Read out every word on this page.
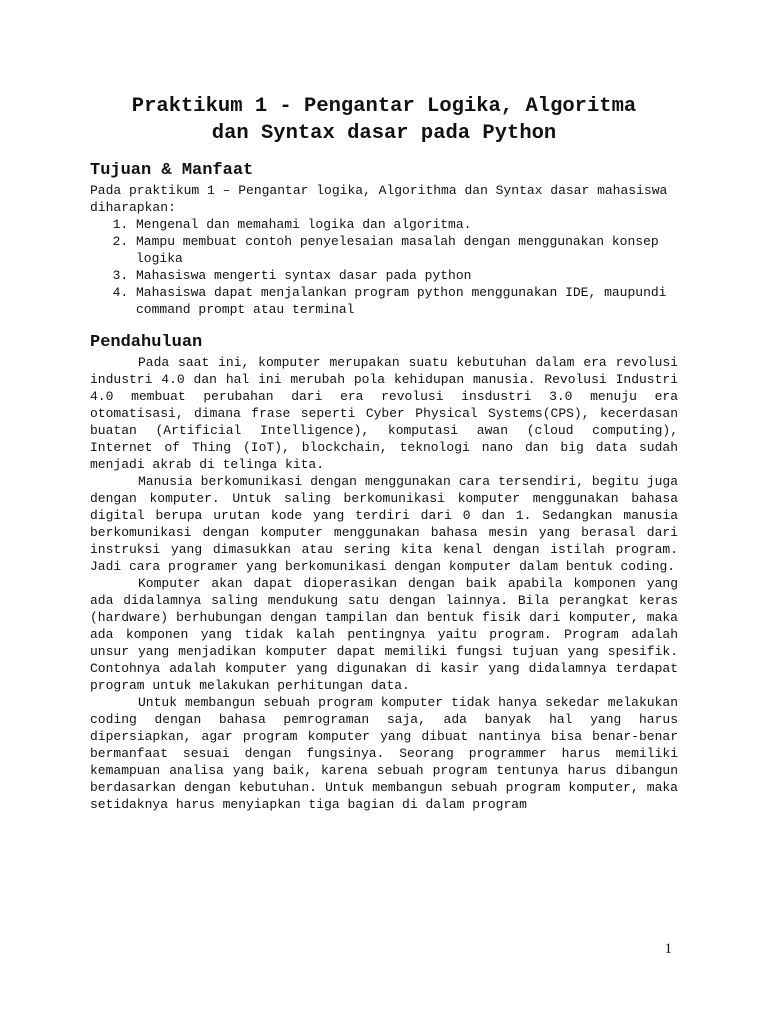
Praktikum 1 - Pengantar Logika, Algoritma
dan Syntax dasar pada Python
Tujuan & Manfaat

Pada praktikum 1 – Pengantar logika, Algorithma dan Syntax dasar mahasiswa diharapkan:

1. Mengenal dan memahami logika dan algoritma.
2. Mampu membuat contoh penyelesaian masalah dengan menggunakan konsep logika
3. Mahasiswa mengerti syntax dasar pada python
4. Mahasiswa dapat menjalankan program python menggunakan IDE, maupundi command prompt atau terminal
Pendahuluan

Pada saat ini, komputer merupakan suatu kebutuhan dalam era revolusi industri 4.0 dan hal ini merubah pola kehidupan manusia. Revolusi Industri 4.0 membuat perubahan dari era revolusi insdustri 3.0 menuju era otomatisasi, dimana frase seperti Cyber Physical Systems(CPS), kecerdasan buatan (Artificial Intelligence), komputasi awan (cloud computing), Internet of Thing (IoT), blockchain, teknologi nano dan big data sudah menjadi akrab di telinga kita.

Manusia berkomunikasi dengan menggunakan cara tersendiri, begitu juga dengan komputer. Untuk saling berkomunikasi komputer menggunakan bahasa digital berupa urutan kode yang terdiri dari 0 dan 1. Sedangkan manusia berkomunikasi dengan komputer menggunakan bahasa mesin yang berasal dari instruksi yang dimasukkan atau sering kita kenal dengan istilah program. Jadi cara programer yang berkomunikasi dengan komputer dalam bentuk coding.

Komputer akan dapat dioperasikan dengan baik apabila komponen yang ada didalamnya saling mendukung satu dengan lainnya. Bila perangkat keras (hardware) berhubungan dengan tampilan dan bentuk fisik dari komputer, maka ada komponen yang tidak kalah pentingnya yaitu program. Program adalah unsur yang menjadikan komputer dapat memiliki fungsi tujuan yang spesifik. Contohnya adalah komputer yang digunakan di kasir yang didalamnya terdapat program untuk melakukan perhitungan data.

Untuk membangun sebuah program komputer tidak hanya sekedar melakukan coding dengan bahasa pemrograman saja, ada banyak hal yang harus dipersiapkan, agar program komputer yang dibuat nantinya bisa benar-benar bermanfaat sesuai dengan fungsinya. Seorang programmer harus memiliki kemampuan analisa yang baik, karena sebuah program tentunya harus dibangun berdasarkan dengan kebutuhan. Untuk membangun sebuah program komputer, maka setidaknya harus menyiapkan tiga bagian di dalam program

1
